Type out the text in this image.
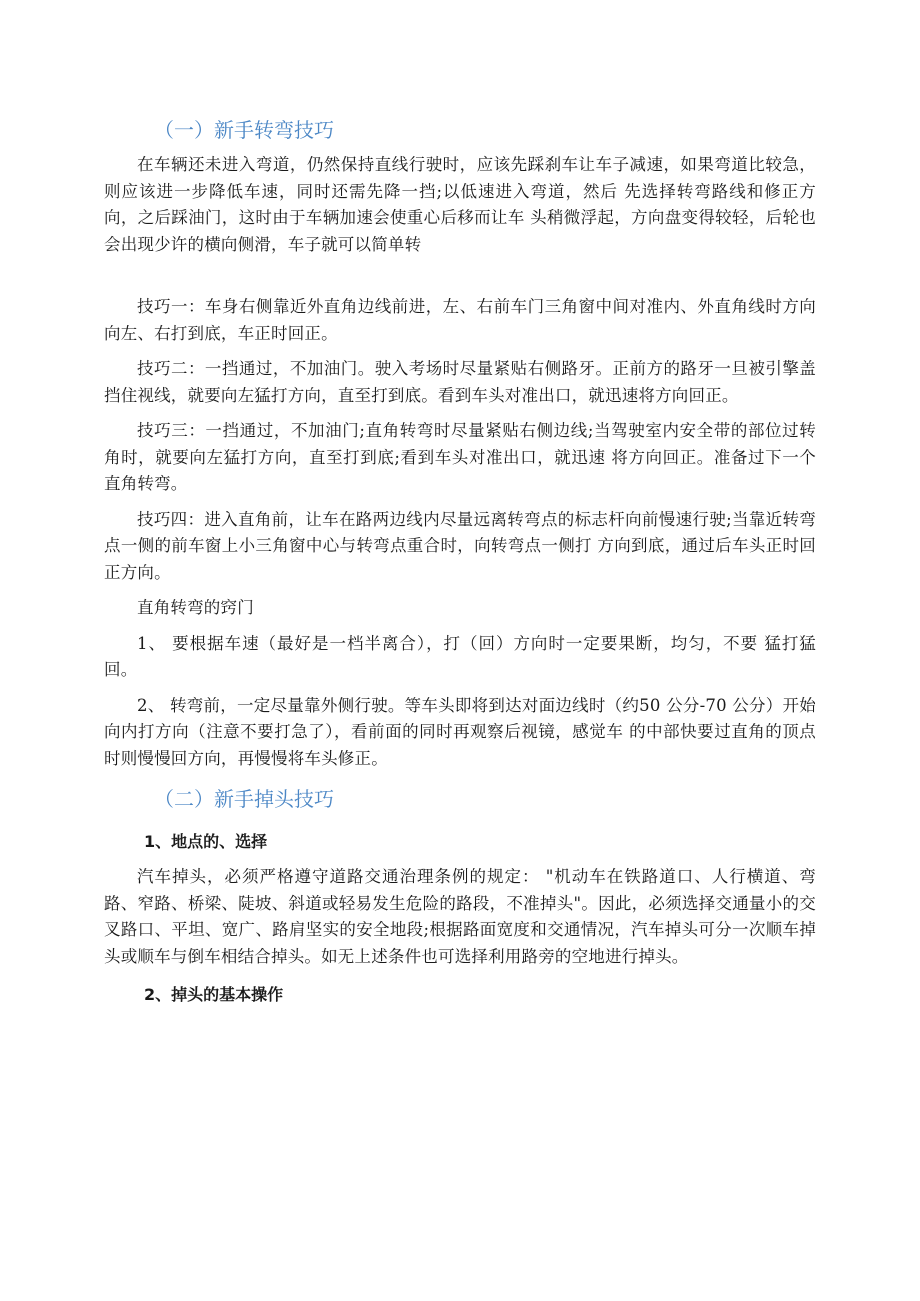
（一）新手转弯技巧

在车辆还未进入弯道，仍然保持直线行驶时，应该先踩刹车让车子减速，如果弯道比较急，则应该进一步降低车速，同时还需先降一挡;以低速进入弯道，然后 先选择转弯路线和修正方向，之后踩油门，这时由于车辆加速会使重心后移而让车 头稍微浮起，方向盘变得较轻，后轮也会出现少许的横向侧滑，车子就可以简单转

技巧一：车身右侧靠近外直角边线前进，左、右前车门三角窗中间对准内、外直角线时方向向左、右打到底，车正时回正。

技巧二：一挡通过，不加油门。驶入考场时尽量紧贴右侧路牙。正前方的路牙一旦被引擎盖挡住视线，就要向左猛打方向，直至打到底。看到车头对准出口，就迅速将方向回正。

技巧三：一挡通过，不加油门;直角转弯时尽量紧贴右侧边线;当驾驶室内安全带的部位过转角时，就要向左猛打方向，直至打到底;看到车头对准出口，就迅速 将方向回正。准备过下一个直角转弯。

技巧四：进入直角前，让车在路两边线内尽量远离转弯点的标志杆向前慢速行驶;当靠近转弯点一侧的前车窗上小三角窗中心与转弯点重合时，向转弯点一侧打 方向到底，通过后车头正时回正方向。

直角转弯的窍门

1、 要根据车速（最好是一档半离合），打（回）方向时一定要果断，均匀，不要 猛打猛回。

2、 转弯前，一定尽量靠外侧行驶。等车头即将到达对面边线时（约50 公分-70 公分）开始向内打方向（注意不要打急了），看前面的同时再观察后视镜，感觉车 的中部快要过直角的顶点时则慢慢回方向，再慢慢将车头修正。

（二）新手掉头技巧
1、地点的、选择

汽车掉头，必须严格遵守道路交通治理条例的规定： "机动车在铁路道口、人行横道、弯路、窄路、桥梁、陡坡、斜道或轻易发生危险的路段，不准掉头"。因此，必须选择交通量小的交叉路口、平坦、宽广、路肩坚实的安全地段;根据路面宽度和交通情况，汽车掉头可分一次顺车掉头或顺车与倒车相结合掉头。如无上述条件也可选择利用路旁的空地进行掉头。

2、掉头的基本操作
